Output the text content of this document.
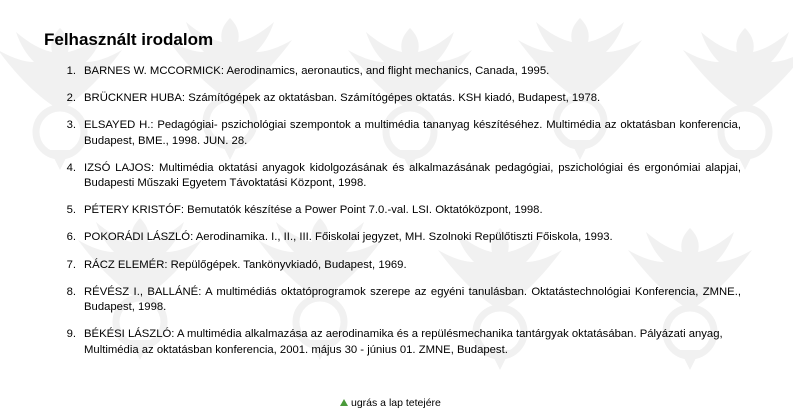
Felhasznált irodalom
1. BARNES W. MCCORMICK: Aerodinamics, aeronautics, and flight mechanics, Canada, 1995.
2. BRÜCKNER HUBA: Számítógépek az oktatásban. Számítógépes oktatás. KSH kiadó, Budapest, 1978.
3. ELSAYED H.: Pedagógiai- pszichológiai szempontok a multimédia tananyag készítéséhez. Multimédia az oktatásban konferencia, Budapest, BME., 1998. JUN. 28.
4. IZSÓ LAJOS: Multimédia oktatási anyagok kidolgozásának és alkalmazásának pedagógiai, pszichológiai és ergonómiai alapjai, Budapesti Műszaki Egyetem Távoktatási Központ, 1998.
5. PÉTERY KRISTÓF: Bemutatók készítése a Power Point 7.0.-val. LSI. Oktatóközpont, 1998.
6. POKORÁDI LÁSZLÓ: Aerodinamika. I., II., III. Főiskolai jegyzet, MH. Szolnoki Repülőtiszti Főiskola, 1993.
7. RÁCZ ELEMÉR: Repülőgépek. Tankönyvkiadó, Budapest, 1969.
8. RÉVÉSZ I., BALLÁNÉ: A multimédiás oktatóprogramok szerepe az egyéni tanulásban. Oktatástechnológiai Konferencia, ZMNE., Budapest, 1998.
9. BÉKÉSI LÁSZLÓ: A multimédia alkalmazása az aerodinamika és a repülésmechanika tantárgyak oktatásában. Pályázati anyag, Multimédia az oktatásban konferencia, 2001. május 30 - június 01. ZMNE, Budapest.
ugrás a lap tetejére
